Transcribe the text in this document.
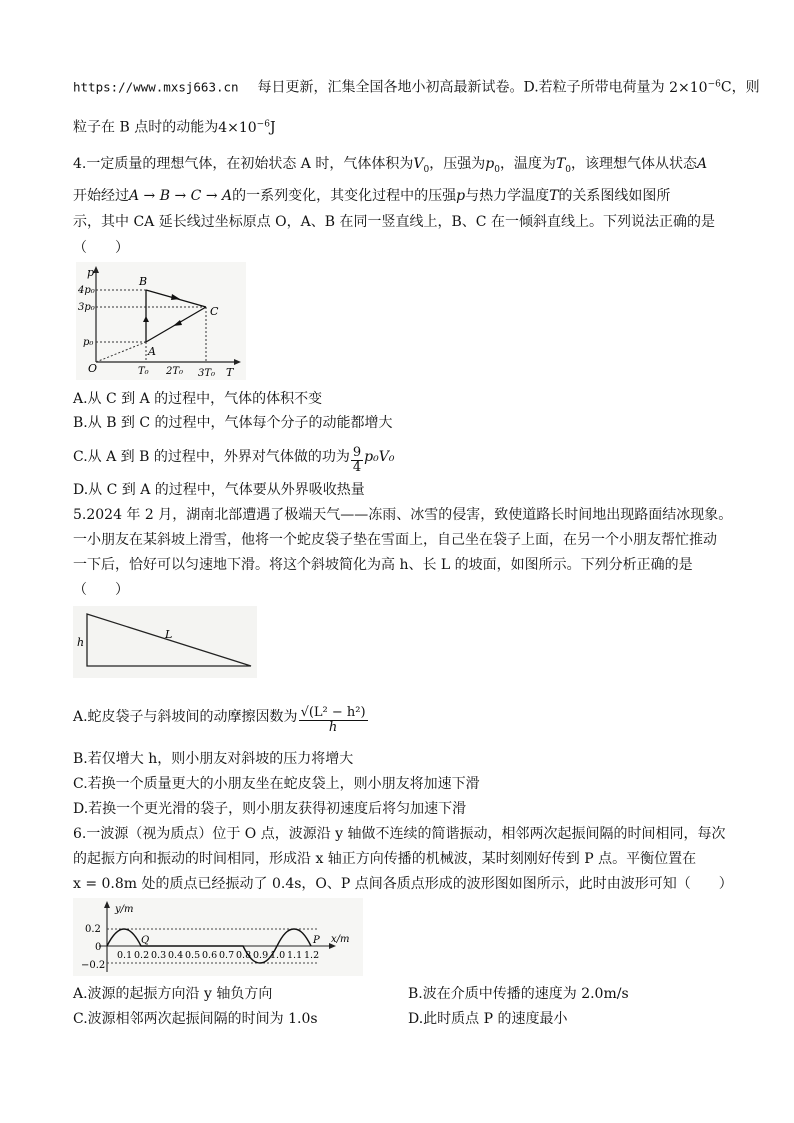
https://www.mxsj663.cn 每日更新，汇集全国各地小初高最新试卷。D.若粒子所带电荷量为 $2\times 10^{-6}C$，则
粒子在 B 点时的动能为$4\times 10^{-6}J$
4.一定质量的理想气体，在初始状态 A 时，气体体积为$V_0$，压强为$p_0$，温度为$T_0$，该理想气体从状态A
开始经过A → B → C → A的一系列变化，其变化过程中的压强p与热力学温度T的关系图线如图所
示，其中 CA 延长线过坐标原点 O，A、B 在同一竖直线上，B、C 在一倾斜直线上。下列说法正确的是
（　　）
p
T
O
4p₀
3p₀
p₀
T₀ 2T₀ 3T₀
A
B
C
A.从 C 到 A 的过程中，气体的体积不变
B.从 B 到 C 的过程中，气体每个分子的动能都增大
C.从 A 到 B 的过程中，外界对气体做的功为 $\frac{9}{4} p_0V_0$
D.从 C 到 A 的过程中，气体要从外界吸收热量
5.2024 年 2 月，湖南北部遭遇了极端天气——冻雨、冰雪的侵害，致使道路长时间地出现路面结冰现象。
一小朋友在某斜坡上滑雪，他将一个蛇皮袋子垫在雪面上，自己坐在袋子上面，在另一个小朋友帮忙推动
一下后，恰好可以匀速地下滑。将这个斜坡简化为高 h、长 L 的坡面，如图所示。下列分析正确的是
（　　）
h
L
A.蛇皮袋子与斜坡间的动摩擦因数为 $\frac{\text{√(L² − h²)}}{h}$
B.若仅增大 h，则小朋友对斜坡的压力将增大
C.若换一个质量更大的小朋友坐在蛇皮袋上，则小朋友将加速下滑
D.若换一个更光滑的袋子，则小朋友获得初速度后将匀加速下滑
6.一波源（视为质点）位于 O 点，波源沿 y 轴做不连续的简谐振动，相邻两次起振间隔的时间相同，每次
的起振方向和振动的时间相同，形成沿 x 轴正方向传播的机械波，某时刻刚好传到 P 点。平衡位置在
x = 0.8m 处的质点已经振动了 0.4s，O、P 点间各质点形成的波形图如图所示，此时由波形可知（　　）
y/m
x/m
0.2
0
−0.2
0.1 0.2 0.3 0.4 0.5 0.6 0.7 0.8 0.9 1.0 1.1 1.2
Q	P
A.波源的起振方向沿 y 轴负方向	B.波在介质中传播的速度为 2.0m/s
C.波源相邻两次起振间隔的时间为 1.0s	D.此时质点 P 的速度最小
